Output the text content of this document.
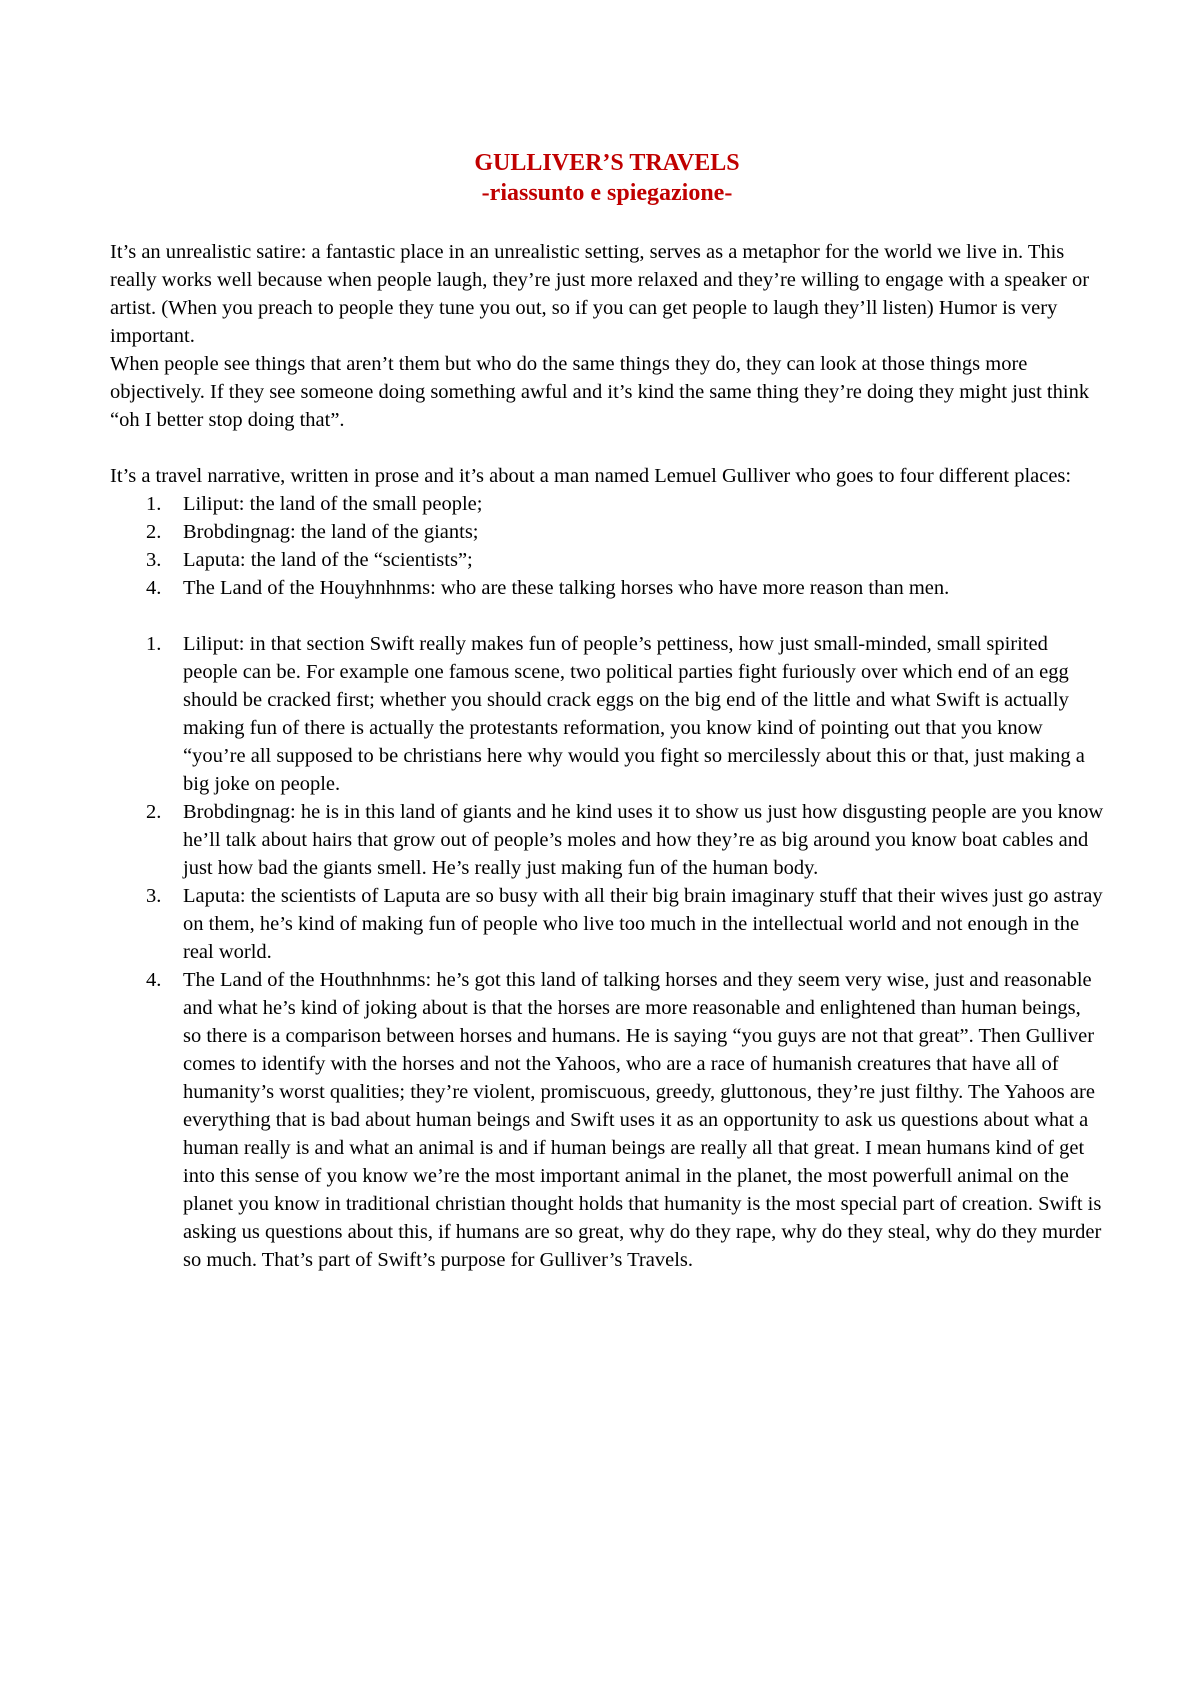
GULLIVER’S TRAVELS
-riassunto e spiegazione-

It’s an unrealistic satire: a fantastic place in an unrealistic setting, serves as a metaphor for the world we live in. This really works well because when people laugh, they’re just more relaxed and they’re willing to engage with a speaker or artist. (When you preach to people they tune you out, so if you can get people to laugh they’ll listen) Humor is very important.

When people see things that aren’t them but who do the same things they do, they can look at those things more objectively. If they see someone doing something awful and it’s kind the same thing they’re doing they might just think “oh I better stop doing that”.

It’s a travel narrative, written in prose and it’s about a man named Lemuel Gulliver who goes to four different places:

1. Liliput: the land of the small people;
2. Brobdingnag: the land of the giants;
3. Laputa: the land of the “scientists”;
4. The Land of the Houyhnhnms: who are these talking horses who have more reason than men.
1. Liliput: in that section Swift really makes fun of people’s pettiness, how just small-minded, small spirited people can be. For example one famous scene, two political parties fight furiously over which end of an egg should be cracked first; whether you should crack eggs on the big end of the little and what Swift is actually making fun of there is actually the protestants reformation, you know kind of pointing out that you know “you’re all supposed to be christians here why would you fight so mercilessly about this or that, just making a big joke on people.
2. Brobdingnag: he is in this land of giants and he kind uses it to show us just how disgusting people are you know he’ll talk about hairs that grow out of people’s moles and how they’re as big around you know boat cables and just how bad the giants smell. He’s really just making fun of the human body.
3. Laputa: the scientists of Laputa are so busy with all their big brain imaginary stuff that their wives just go astray on them, he’s kind of making fun of people who live too much in the intellectual world and not enough in the real world.
4. The Land of the Houthnhnms: he’s got this land of talking horses and they seem very wise, just and reasonable and what he’s kind of joking about is that the horses are more reasonable and enlightened than human beings, so there is a comparison between horses and humans. He is saying “you guys are not that great”. Then Gulliver comes to identify with the horses and not the Yahoos, who are a race of humanish creatures that have all of humanity’s worst qualities; they’re violent, promiscuous, greedy, gluttonous, they’re just filthy. The Yahoos are everything that is bad about human beings and Swift uses it as an opportunity to ask us questions about what a human really is and what an animal is and if human beings are really all that great. I mean humans kind of get into this sense of you know we’re the most important animal in the planet, the most powerfull animal on the planet you know in traditional christian thought holds that humanity is the most special part of creation. Swift is asking us questions about this, if humans are so great, why do they rape, why do they steal, why do they murder so much. That’s part of Swift’s purpose for Gulliver’s Travels.
